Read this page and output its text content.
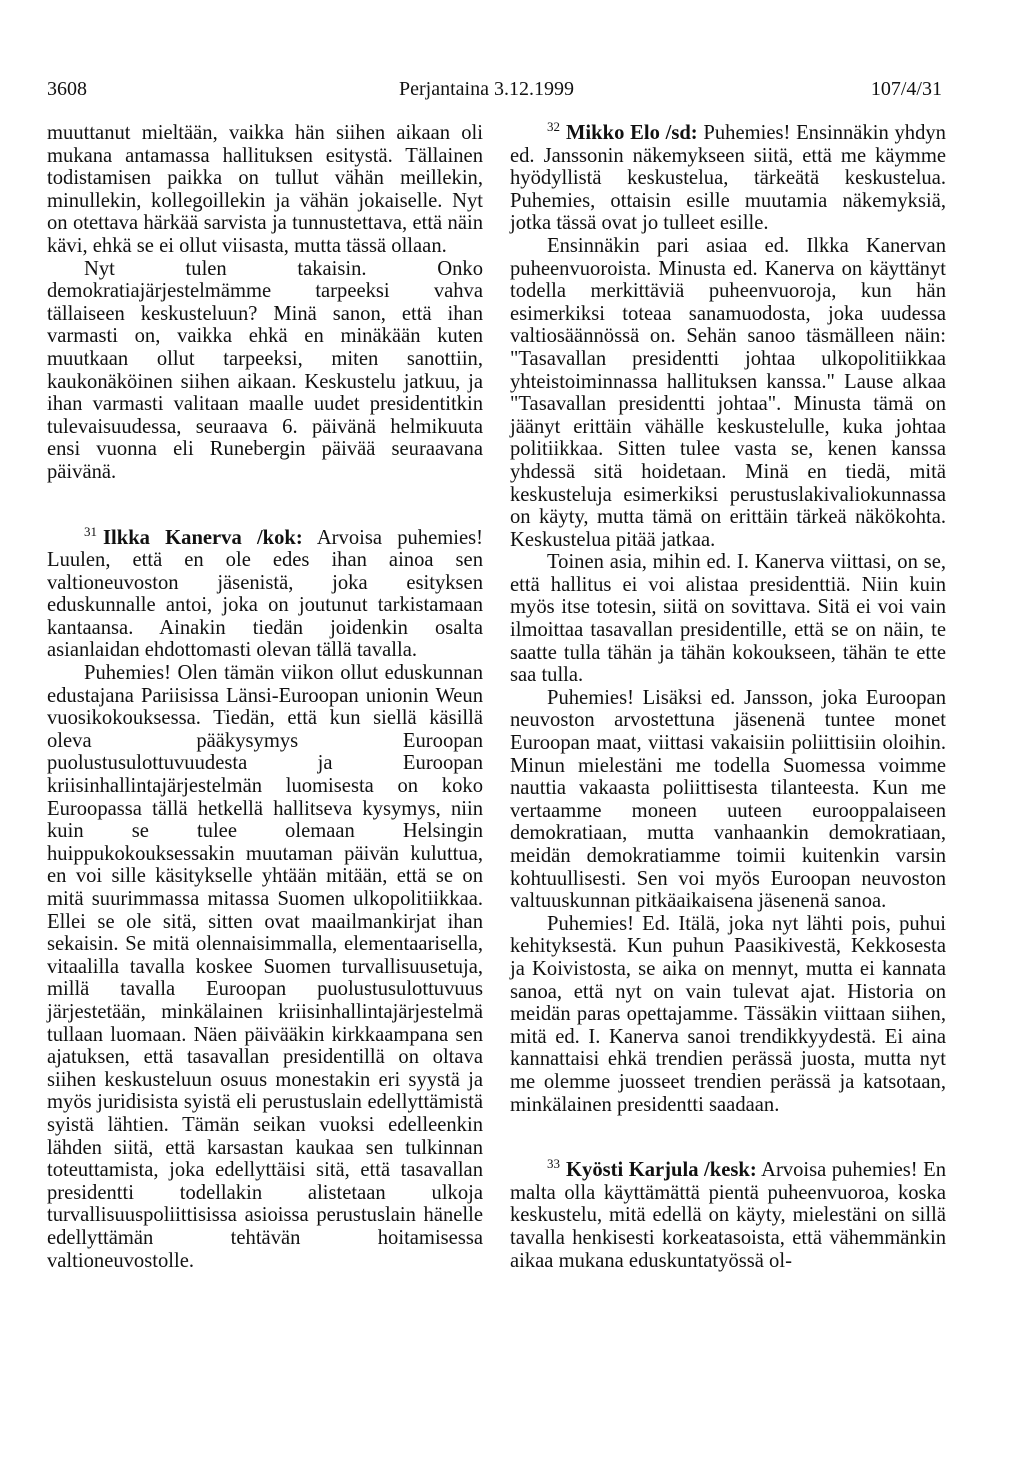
3608	Perjantaina 3.12.1999	107/4/31

muuttanut mieltään, vaikka hän siihen aikaan oli mukana antamassa hallituksen esitystä. Tällainen todistamisen paikka on tullut vähän meillekin, minullekin, kollegoillekin ja vähän jokaiselle. Nyt on otettava härkää sarvista ja tunnustettava, että näin kävi, ehkä se ei ollut viisasta, mutta tässä ollaan.

Nyt tulen takaisin. Onko demokratiajärjestelmämme tarpeeksi vahva tällaiseen keskusteluun? Minä sanon, että ihan varmasti on, vaikka ehkä en minäkään kuten muutkaan ollut tarpeeksi, miten sanottiin, kaukonäköinen siihen aikaan. Keskustelu jatkuu, ja ihan varmasti valitaan maalle uudet presidentitkin tulevaisuudessa, seuraava 6. päivänä helmikuuta ensi vuonna eli Runebergin päivää seuraavana päivänä.

$^{31}$ Ilkka Kanerva /kok: Arvoisa puhemies! Luulen, että en ole edes ihan ainoa sen valtioneuvoston jäsenistä, joka esityksen eduskunnalle antoi, joka on joutunut tarkistamaan kantaansa. Ainakin tiedän joidenkin osalta asianlaidan ehdottomasti olevan tällä tavalla.

Puhemies! Olen tämän viikon ollut eduskunnan edustajana Pariisissa Länsi-Euroopan unionin Weun vuosikokouksessa. Tiedän, että kun siellä käsillä oleva pääkysymys Euroopan puolustusulottuvuudesta ja Euroopan kriisinhallintajärjestelmän luomisesta on koko Euroopassa tällä hetkellä hallitseva kysymys, niin kuin se tulee olemaan Helsingin huippukokouksessakin muutaman päivän kuluttua, en voi sille käsitykselle yhtään mitään, että se on mitä suurimmassa mitassa Suomen ulkopolitiikkaa. Ellei se ole sitä, sitten ovat maailmankirjat ihan sekaisin. Se mitä olennaisimmalla, elementaarisella, vitaalilla tavalla koskee Suomen turvallisuusetuja, millä tavalla Euroopan puolustusulottuvuus järjestetään, minkälainen kriisinhallintajärjestelmä tullaan luomaan. Näen päivääkin kirkkaampana sen ajatuksen, että tasavallan presidentillä on oltava siihen keskusteluun osuus monestakin eri syystä ja myös juridisista syistä eli perustuslain edellyttämistä syistä lähtien. Tämän seikan vuoksi edelleenkin lähden siitä, että karsastan kaukaa sen tulkinnan toteuttamista, joka edellyttäisi sitä, että tasavallan presidentti todellakin alistetaan ulkoja turvallisuuspoliittisissa asioissa perustuslain hänelle edellyttämän tehtävän hoitamisessa valtioneuvostolle.

$^{32}$ Mikko Elo /sd: Puhemies! Ensinnäkin yhdyn ed. Janssonin näkemykseen siitä, että me käymme hyödyllistä keskustelua, tärkeätä keskustelua. Puhemies, ottaisin esille muutamia näkemyksiä, jotka tässä ovat jo tulleet esille.

Ensinnäkin pari asiaa ed. Ilkka Kanervan puheenvuoroista. Minusta ed. Kanerva on käyttänyt todella merkittäviä puheenvuoroja, kun hän esimerkiksi toteaa sanamuodosta, joka uudessa valtiosäännössä on. Sehän sanoo täsmälleen näin: "Tasavallan presidentti johtaa ulkopolitiikkaa yhteistoiminnassa hallituksen kanssa." Lause alkaa "Tasavallan presidentti johtaa". Minusta tämä on jäänyt erittäin vähälle keskustelulle, kuka johtaa politiikkaa. Sitten tulee vasta se, kenen kanssa yhdessä sitä hoidetaan. Minä en tiedä, mitä keskusteluja esimerkiksi perustuslakivaliokunnassa on käyty, mutta tämä on erittäin tärkeä näkökohta. Keskustelua pitää jatkaa.

Toinen asia, mihin ed. I. Kanerva viittasi, on se, että hallitus ei voi alistaa presidenttiä. Niin kuin myös itse totesin, siitä on sovittava. Sitä ei voi vain ilmoittaa tasavallan presidentille, että se on näin, te saatte tulla tähän ja tähän kokoukseen, tähän te ette saa tulla.

Puhemies! Lisäksi ed. Jansson, joka Euroopan neuvoston arvostettuna jäsenenä tuntee monet Euroopan maat, viittasi vakaisiin poliittisiin oloihin. Minun mielestäni me todella Suomessa voimme nauttia vakaasta poliittisesta tilanteesta. Kun me vertaamme moneen uuteen eurooppalaiseen demokratiaan, mutta vanhaankin demokratiaan, meidän demokratiamme toimii kuitenkin varsin kohtuullisesti. Sen voi myös Euroopan neuvoston valtuuskunnan pitkäaikaisena jäsenenä sanoa.

Puhemies! Ed. Itälä, joka nyt lähti pois, puhui kehityksestä. Kun puhun Paasikivestä, Kekkosesta ja Koivistosta, se aika on mennyt, mutta ei kannata sanoa, että nyt on vain tulevat ajat. Historia on meidän paras opettajamme. Tässäkin viittaan siihen, mitä ed. I. Kanerva sanoi trendikkyydestä. Ei aina kannattaisi ehkä trendien perässä juosta, mutta nyt me olemme juosseet trendien perässä ja katsotaan, minkälainen presidentti saadaan.

$^{33}$ Kyösti Karjula /kesk: Arvoisa puhemies! En malta olla käyttämättä pientä puheenvuoroa, koska keskustelu, mitä edellä on käyty, mielestäni on sillä tavalla henkisesti korkeatasoista, että vähemmänkin aikaa mukana eduskuntatyössä ol-
